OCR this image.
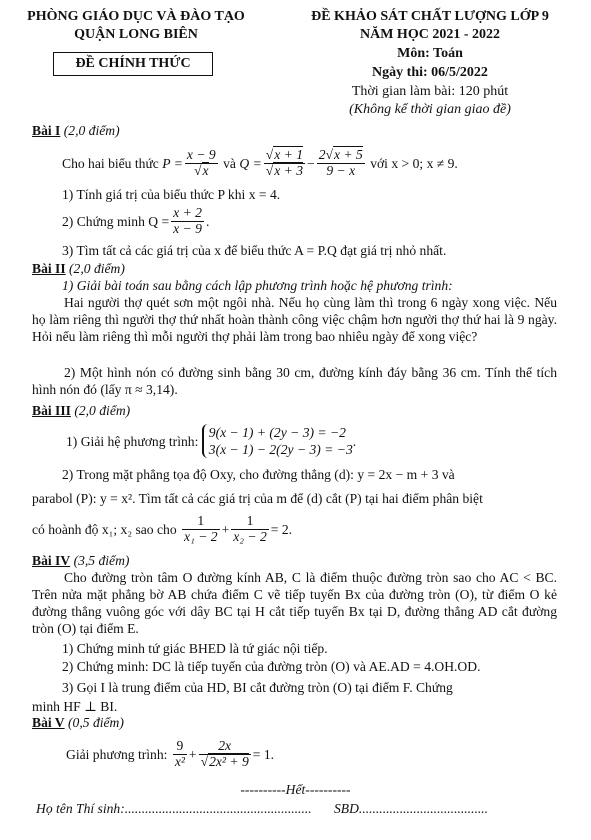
PHÒNG GIÁO DỤC VÀ ĐÀO TẠO
QUẬN LONG BIÊN
ĐỀ CHÍNH THỨC
ĐỀ KHẢO SÁT CHẤT LƯỢNG LỚP 9
NĂM HỌC 2021 - 2022
Môn: Toán
Ngày thi: 06/5/2022
Thời gian làm bài: 120 phút
(Không kể thời gian giao đề)
Bài I (2,0 điểm)
Cho hai biểu thức
$P = \frac{x - 9}{√x}$
và
$Q = \frac{√x + 1}{√x + 3} - \frac{2√x + 5}{9 - x}$
với x > 0; x ≠ 9.
1) Tính giá trị của biểu thức P khi x = 4.
2) Chứng minh $Q = \frac{x + 2}{x - 9}$ .
3) Tìm tất cả các giá trị của x để biểu thức A = P.Q đạt giá trị nhỏ nhất.
Bài II (2,0 điểm)
1) Giải bài toán sau bằng cách lập phương trình hoặc hệ phương trình:
Hai người thợ quét sơn một ngôi nhà. Nếu họ cùng làm thì trong 6 ngày xong việc. Nếu họ làm riêng thì người thợ thứ nhất hoàn thành công việc chậm hơn người thợ thứ hai là 9 ngày. Hỏi nếu làm riêng thì mỗi người thợ phải làm trong bao nhiêu ngày để xong việc?
2) Một hình nón có đường sinh bằng 30 cm, đường kính đáy bằng 36 cm. Tính thể tích hình nón đó (lấy π ≈ 3,14).
Bài III (2,0 điểm)
1) Giải hệ phương trình:

9(x − 1) + (2y − 3) = −2
3(x − 1) − 2(2y − 3) = −3
.
2) Trong mặt phẳng tọa độ Oxy, cho đường thẳng (d): y = 2x − m + 3 và
parabol (P): y = x². Tìm tất cả các giá trị của m để (d) cắt (P) tại hai điểm phân biệt
có hoành độ x₁; x₂ sao cho
$\frac{1}{\text{x₁ − 2}} + \frac{1}{\text{x₂ − 2}} = 2$.
Bài IV (3,5 điểm)
Cho đường tròn tâm O đường kính AB, C là điểm thuộc đường tròn sao cho AC < BC. Trên nửa mặt phẳng bờ AB chứa điểm C vẽ tiếp tuyến Bx của đường tròn (O), từ điểm O kẻ đường thẳng vuông góc với dây BC tại H cắt tiếp tuyến Bx tại D, đường thẳng AD cắt đường tròn (O) tại điểm E.
1) Chứng minh tứ giác BHED là tứ giác nội tiếp.
2) Chứng minh: DC là tiếp tuyến của đường tròn (O) và AE.AD = 4.OH.OD.
3) Gọi I là trung điểm của HD, BI cắt đường tròn (O) tại điểm F. Chứng
minh HF ⊥ BI.
Bài V (0,5 điểm)
Giải phương trình:
$\frac{9}{\text{x²}} + \frac{2x}{\text{√2x² + 9}} = 1$.
----------Hết----------
Họ tên Thí sinh:....................................................... SBD......................................
